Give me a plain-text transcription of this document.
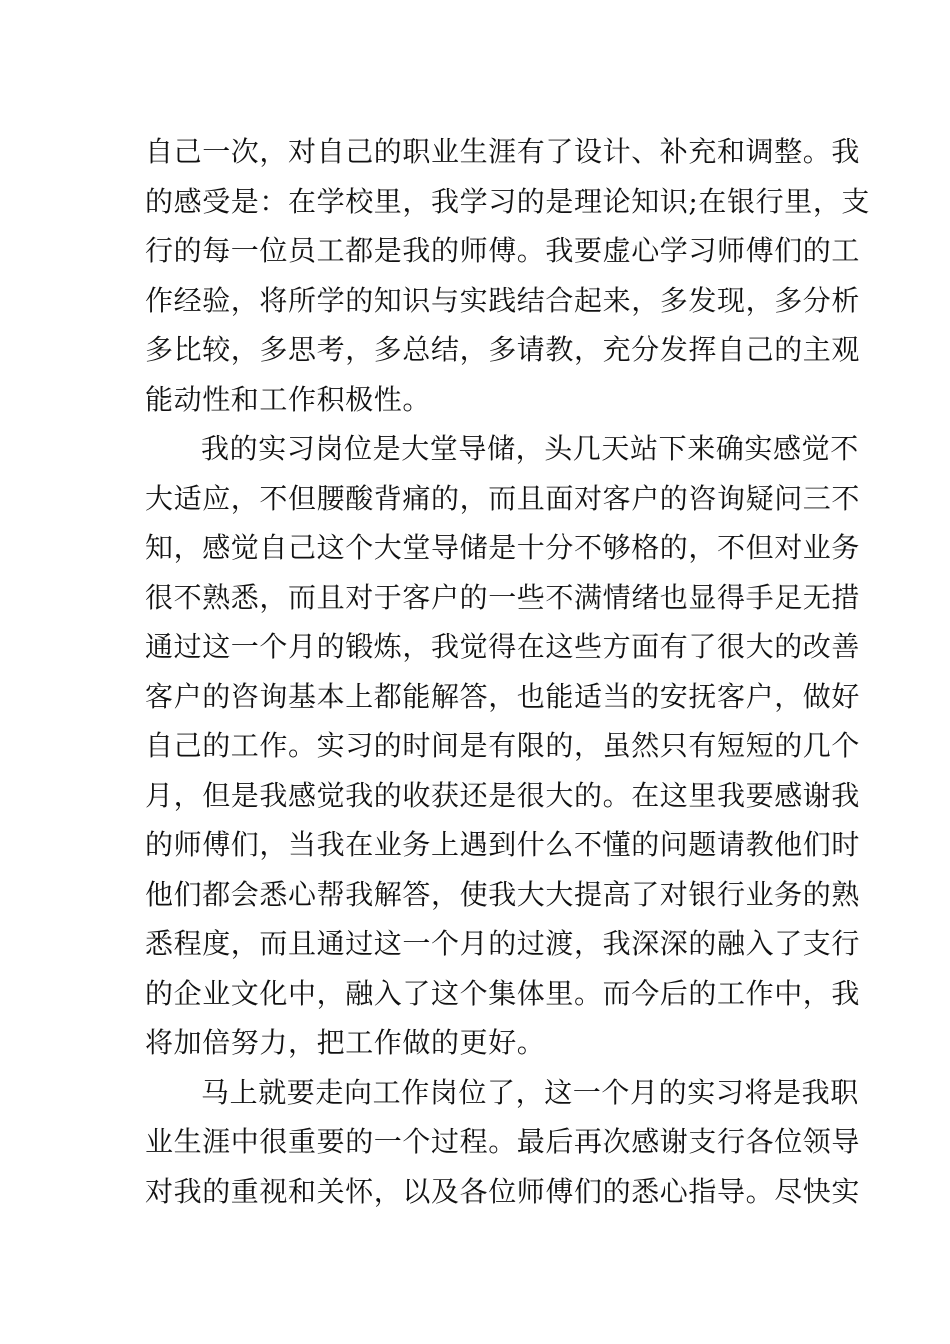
自己一次，对自己的职业生涯有了设计、补充和调整。我
的感受是：在学校里，我学习的是理论知识;在银行里，支
行的每一位员工都是我的师傅。我要虚心学习师傅们的工
作经验，将所学的知识与实践结合起来，多发现，多分析
多比较，多思考，多总结，多请教，充分发挥自己的主观
能动性和工作积极性。
我的实习岗位是大堂导储，头几天站下来确实感觉不
大适应，不但腰酸背痛的，而且面对客户的咨询疑问三不
知，感觉自己这个大堂导储是十分不够格的，不但对业务
很不熟悉，而且对于客户的一些不满情绪也显得手足无措
通过这一个月的锻炼，我觉得在这些方面有了很大的改善
客户的咨询基本上都能解答，也能适当的安抚客户，做好
自己的工作。实习的时间是有限的，虽然只有短短的几个
月，但是我感觉我的收获还是很大的。在这里我要感谢我
的师傅们，当我在业务上遇到什么不懂的问题请教他们时
他们都会悉心帮我解答，使我大大提高了对银行业务的熟
悉程度，而且通过这一个月的过渡，我深深的融入了支行
的企业文化中，融入了这个集体里。而今后的工作中，我
将加倍努力，把工作做的更好。
马上就要走向工作岗位了，这一个月的实习将是我职
业生涯中很重要的一个过程。最后再次感谢支行各位领导
对我的重视和关怀，以及各位师傅们的悉心指导。尽快实
